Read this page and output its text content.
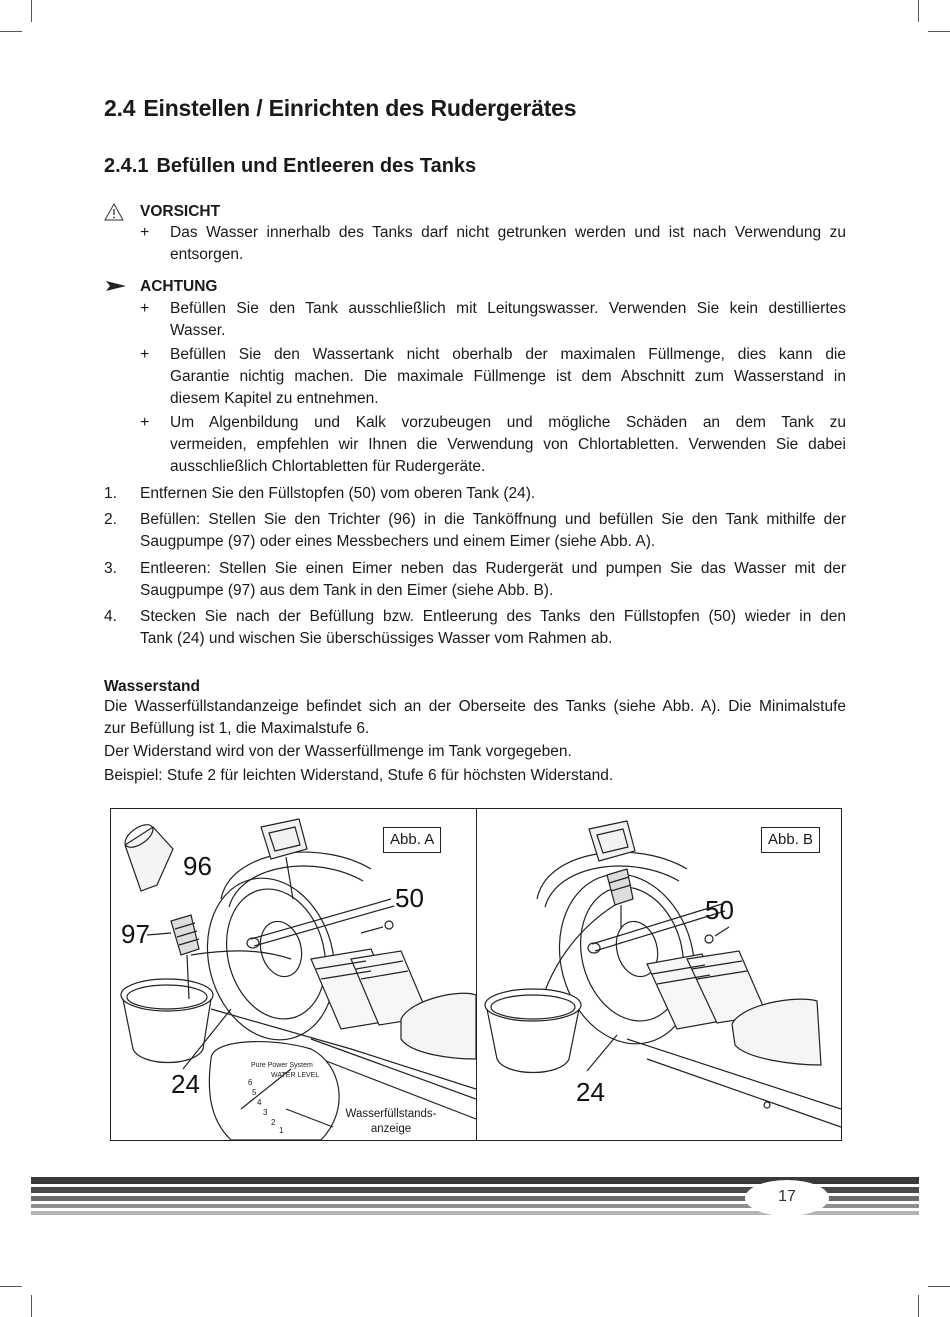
2.4 Einstellen / Einrichten des Rudergerätes
2.4.1 Befüllen und Entleeren des Tanks
VORSICHT
+ Das Wasser innerhalb des Tanks darf nicht getrunken werden und ist nach Verwendung zu
entsorgen.
ACHTUNG
+ Befüllen Sie den Tank ausschließlich mit Leitungswasser. Verwenden Sie kein destilliertes
Wasser.
+ Befüllen Sie den Wassertank nicht oberhalb der maximalen Füllmenge, dies kann die
Garantie nichtig machen. Die maximale Füllmenge ist dem Abschnitt zum Wasserstand in
diesem Kapitel zu entnehmen.
+ Um Algenbildung und Kalk vorzubeugen und mögliche Schäden an dem Tank zu
vermeiden, empfehlen wir Ihnen die Verwendung von Chlortabletten. Verwenden Sie dabei
ausschließlich Chlortabletten für Rudergeräte.
1. Entfernen Sie den Füllstopfen (50) vom oberen Tank (24).
2. Befüllen: Stellen Sie den Trichter (96) in die Tanköffnung und befüllen Sie den Tank mithilfe der
Saugpumpe (97) oder eines Messbechers und einem Eimer (siehe Abb. A).
3. Entleeren: Stellen Sie einen Eimer neben das Rudergerät und pumpen Sie das Wasser mit der
Saugpumpe (97) aus dem Tank in den Eimer (siehe Abb. B).
4. Stecken Sie nach der Befüllung bzw. Entleerung des Tanks den Füllstopfen (50) wieder in den
Tank (24) und wischen Sie überschüssiges Wasser vom Rahmen ab.
Wasserstand
Die Wasserfüllstandanzeige befindet sich an der Oberseite des Tanks (siehe Abb. A). Die Minimalstufe
zur Befüllung ist 1, die Maximalstufe 6.
Der Widerstand wird von der Wasserfüllmenge im Tank vorgegeben.
Beispiel: Stufe 2 für leichten Widerstand, Stufe 6 für höchsten Widerstand.
Pure Power System
WATER LEVEL
6
5
4
3
2
1
Abb. A
96
97
50
24
Wasserfüllstands-
anzeige
Abb. B
50
24
17
